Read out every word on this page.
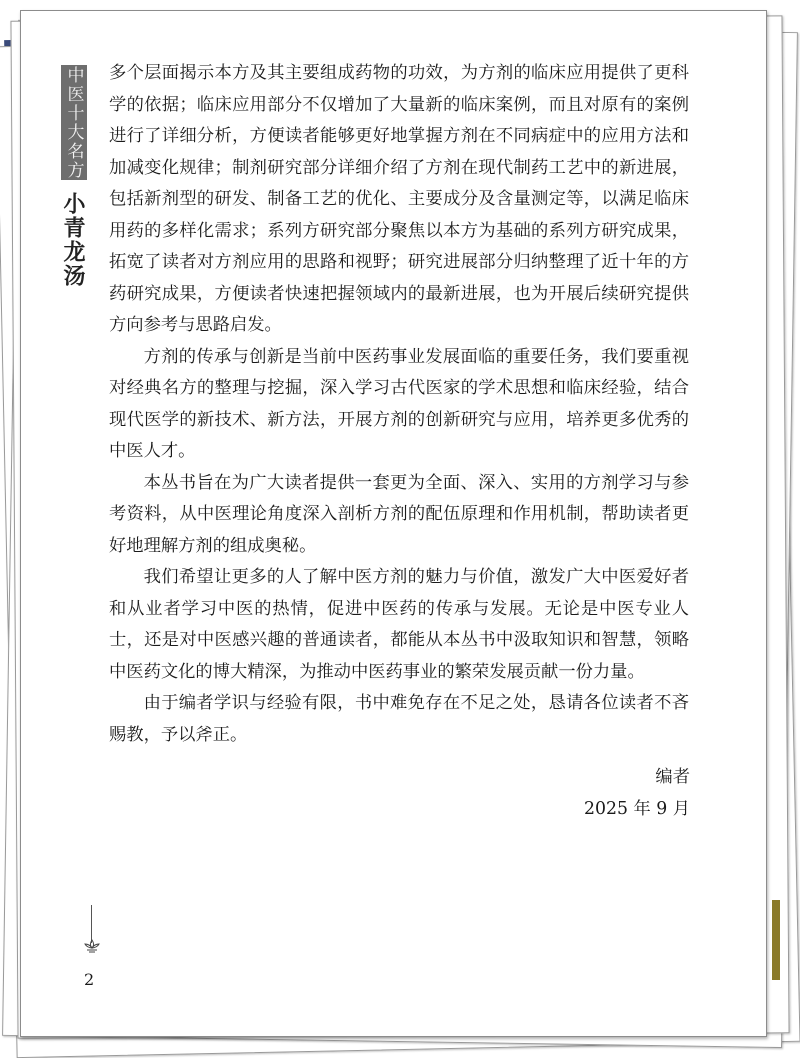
中医十大名方
小青龙汤

多个层面揭示本方及其主要组成药物的功效，为方剂的临床应用提供了更科学的依据；临床应用部分不仅增加了大量新的临床案例，而且对原有的案例进行了详细分析，方便读者能够更好地掌握方剂在不同病症中的应用方法和加减变化规律；制剂研究部分详细介绍了方剂在现代制药工艺中的新进展，包括新剂型的研发、制备工艺的优化、主要成分及含量测定等，以满足临床用药的多样化需求；系列方研究部分聚焦以本方为基础的系列方研究成果，拓宽了读者对方剂应用的思路和视野；研究进展部分归纳整理了近十年的方药研究成果，方便读者快速把握领域内的最新进展，也为开展后续研究提供方向参考与思路启发。

方剂的传承与创新是当前中医药事业发展面临的重要任务，我们要重视对经典名方的整理与挖掘，深入学习古代医家的学术思想和临床经验，结合现代医学的新技术、新方法，开展方剂的创新研究与应用，培养更多优秀的中医人才。

本丛书旨在为广大读者提供一套更为全面、深入、实用的方剂学习与参考资料，从中医理论角度深入剖析方剂的配伍原理和作用机制，帮助读者更好地理解方剂的组成奥秘。

我们希望让更多的人了解中医方剂的魅力与价值，激发广大中医爱好者和从业者学习中医的热情，促进中医药的传承与发展。无论是中医专业人士，还是对中医感兴趣的普通读者，都能从本丛书中汲取知识和智慧，领略中医药文化的博大精深，为推动中医药事业的繁荣发展贡献一份力量。

由于编者学识与经验有限，书中难免存在不足之处，恳请各位读者不吝赐教，予以斧正。

编者
2025 年 9 月
2
